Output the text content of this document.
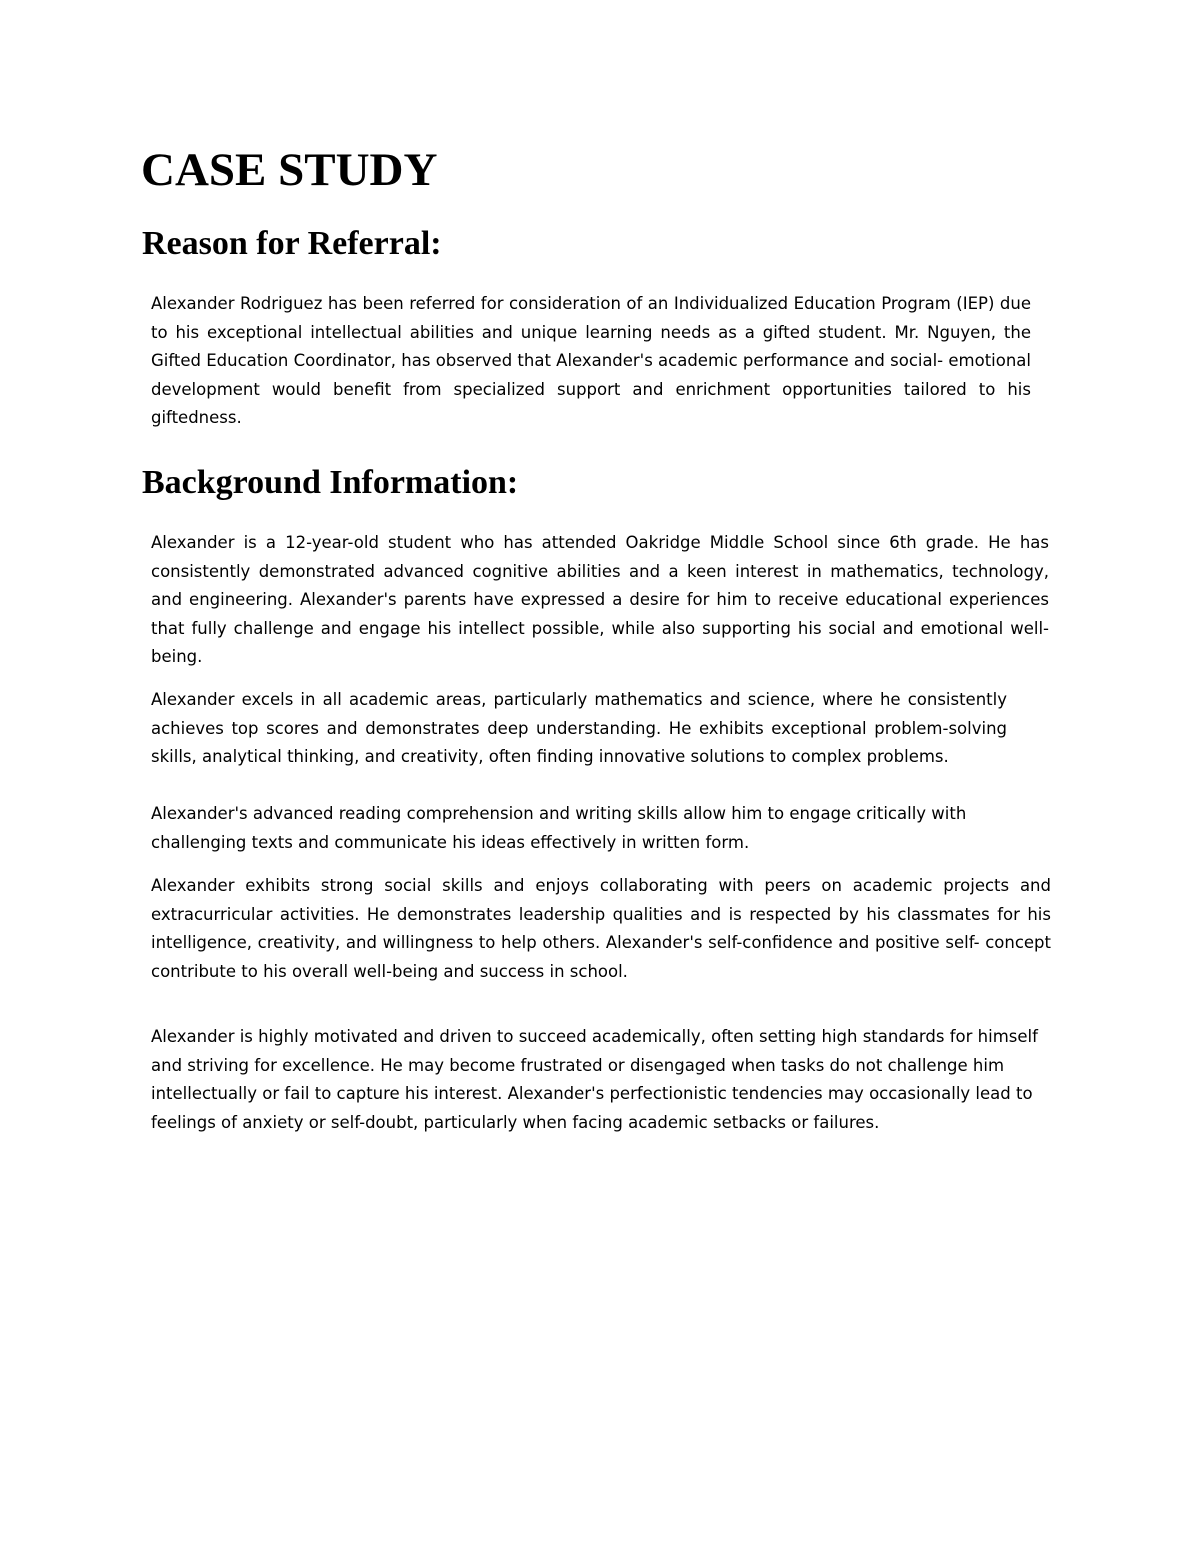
CASE STUDY
Reason for Referral:

Alexander Rodriguez has been referred for consideration of an Individualized Education Program (IEP) due to his exceptional intellectual abilities and unique learning needs as a gifted student. Mr. Nguyen, the Gifted Education Coordinator, has observed that Alexander's academic performance and social- emotional development would benefit from specialized support and enrichment opportunities tailored to his giftedness.

Background Information:

Alexander is a 12-year-old student who has attended Oakridge Middle School since 6th grade. He has consistently demonstrated advanced cognitive abilities and a keen interest in mathematics, technology, and engineering. Alexander's parents have expressed a desire for him to receive educational experiences that fully challenge and engage his intellect possible, while also supporting his social and emotional well-being.

Alexander excels in all academic areas, particularly mathematics and science, where he consistently achieves top scores and demonstrates deep understanding. He exhibits exceptional problem-solving skills, analytical thinking, and creativity, often finding innovative solutions to complex problems.

Alexander's advanced reading comprehension and writing skills allow him to engage critically with challenging texts and communicate his ideas effectively in written form.

Alexander exhibits strong social skills and enjoys collaborating with peers on academic projects and extracurricular activities. He demonstrates leadership qualities and is respected by his classmates for his intelligence, creativity, and willingness to help others. Alexander's self-confidence and positive self- concept contribute to his overall well-being and success in school.

Alexander is highly motivated and driven to succeed academically, often setting high standards for himself and striving for excellence. He may become frustrated or disengaged when tasks do not challenge him intellectually or fail to capture his interest. Alexander's perfectionistic tendencies may occasionally lead to feelings of anxiety or self-doubt, particularly when facing academic setbacks or failures.
